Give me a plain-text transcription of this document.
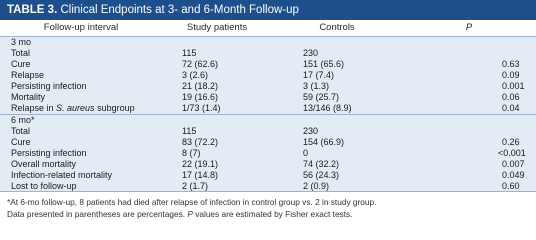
TABLE 3. Clinical Endpoints at 3- and 6-Month Follow-up
Follow-up interval	Study patients	Controls	P
3 mo
Total	115	230
Cure	72 (62.6)	151 (65.6)	0.63
Relapse	3 (2.6)	17 (7.4)	0.09
Persisting infection	21 (18.2)	3 (1.3)	0.001
Mortality	19 (16.6)	59 (25.7)	0.06
Relapse in S. aureus subgroup	1/73 (1.4)	13/146 (8.9)	0.04
6 mo*
Total	115	230
Cure	83 (72.2)	154 (66.9)	0.26
Persisting infection	8 (7)	0	<0.001
Overall mortality	22 (19.1)	74 (32.2)	0.007
Infection-related mortality	17 (14.8)	56 (24.3)	0.049
Lost to follow-up	2 (1.7)	2 (0.9)	0.60
*At 6-mo follow-up, 8 patients had died after relapse of infection in control group vs. 2 in study group.
Data presented in parentheses are percentages. P values are estimated by Fisher exact tests.
